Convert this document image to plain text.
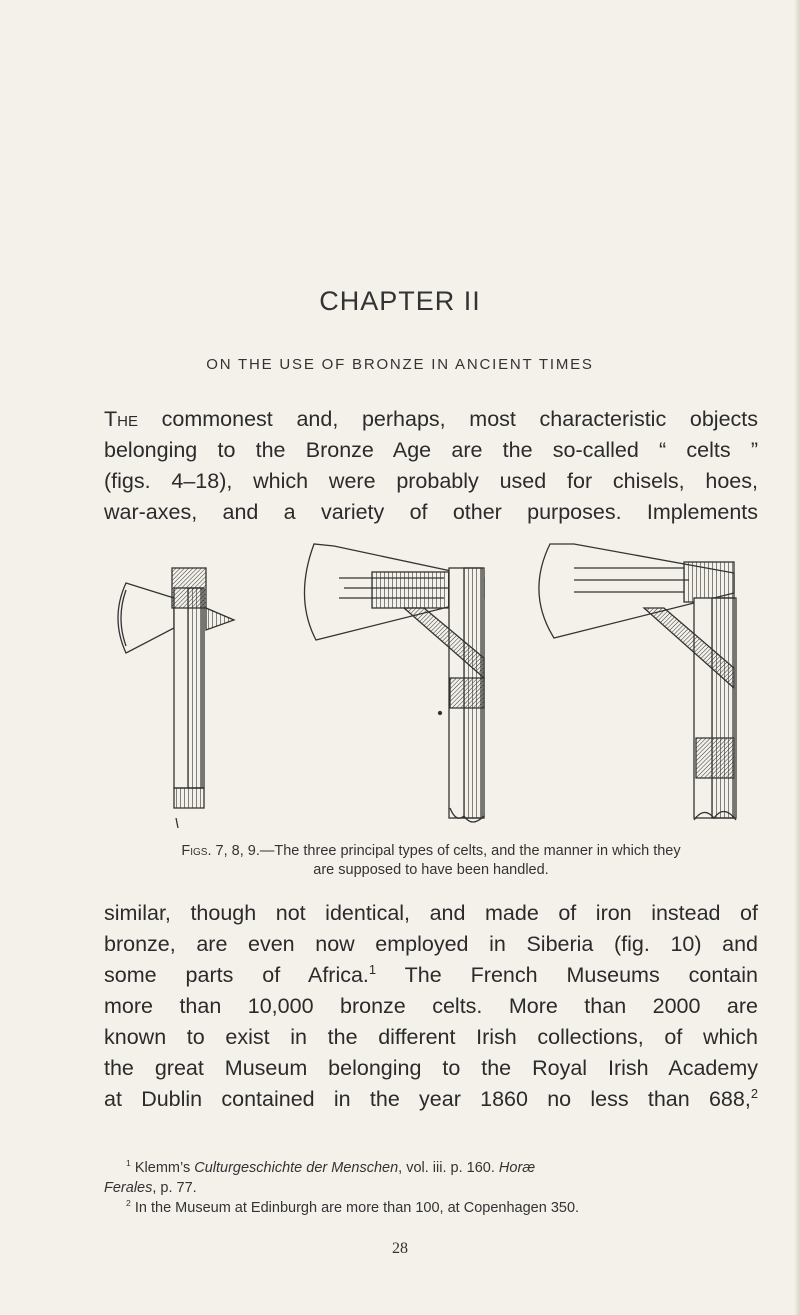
CHAPTER II
ON THE USE OF BRONZE IN ANCIENT TIMES
The commonest and, perhaps, most characteristic objects
belonging to the Bronze Age are the so-called “ celts ”
(figs. 4–18), which were probably used for chisels, hoes,
war-axes, and a variety of other purposes. Implements
Figs. 7, 8, 9.—The three principal types of celts, and the manner in which they
are supposed to have been handled.
similar, though not identical, and made of iron instead of
bronze, are even now employed in Siberia (fig. 10) and
some parts of Africa.$^1$ The French Museums contain
more than 10,000 bronze celts. More than 2000 are
known to exist in the different Irish collections, of which
the great Museum belonging to the Royal Irish Academy
at Dublin contained in the year 1860 no less than 688,$^2$

$^1$ Klemm’s Culturgeschichte der Menschen, vol. iii. p. 160. Horæ

Ferales, p. 77.

$^2$ In the Museum at Edinburgh are more than 100, at Copenhagen 350.

28
